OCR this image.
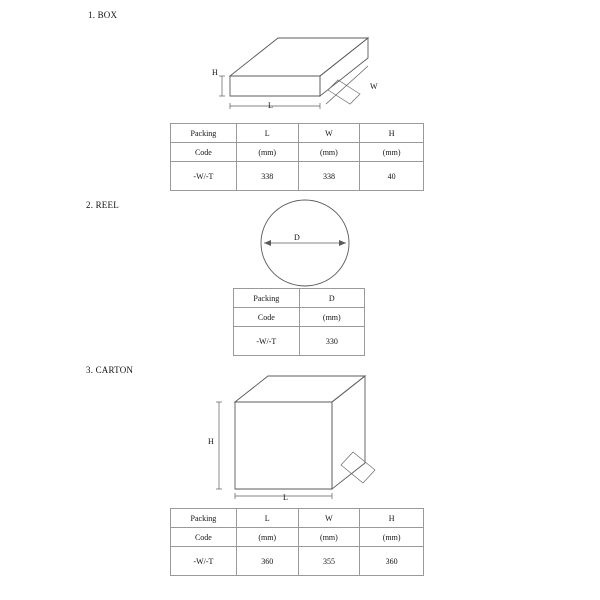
1. BOX
H
L
W
Packing	L	W	H
Code	(mm)	(mm)	(mm)
-W/-T	338	338	40
2. REEL
D
Packing	D
Code	(mm)
-W/-T	330
3. CARTON
H
L
Packing	L	W	H
Code	(mm)	(mm)	(mm)
-W/-T	360	355	360
